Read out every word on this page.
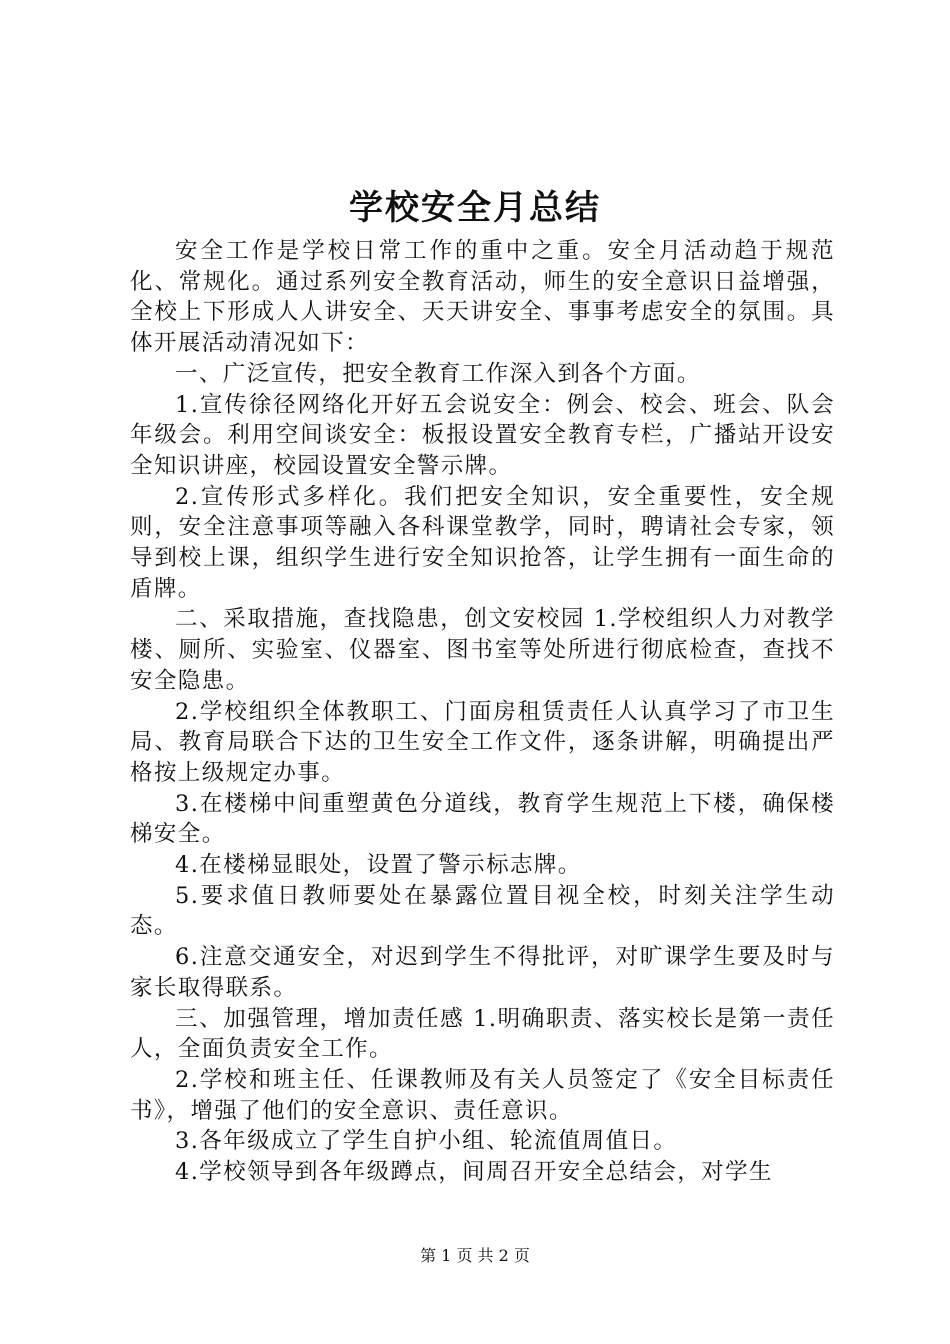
学校安全月总结

安全工作是学校日常工作的重中之重。安全月活动趋于规范化、常规化。通过系列安全教育活动，师生的安全意识日益增强，全校上下形成人人讲安全、天天讲安全、事事考虑安全的氛围。具体开展活动清况如下：

一、广泛宣传，把安全教育工作深入到各个方面。

1.宣传徐径网络化开好五会说安全：例会、校会、班会、队会年级会。利用空间谈安全：板报设置安全教育专栏，广播站开设安全知识讲座，校园设置安全警示牌。

2.宣传形式多样化。我们把安全知识，安全重要性，安全规则，安全注意事项等融入各科课堂教学，同时，聘请社会专家，领导到校上课，组织学生进行安全知识抢答，让学生拥有一面生命的盾牌。

二、采取措施，查找隐患，创文安校园 1.学校组织人力对教学楼、厕所、实验室、仪器室、图书室等处所进行彻底检查，查找不安全隐患。

2.学校组织全体教职工、门面房租赁责任人认真学习了市卫生局、教育局联合下达的卫生安全工作文件，逐条讲解，明确提出严格按上级规定办事。

3.在楼梯中间重塑黄色分道线，教育学生规范上下楼，确保楼梯安全。

4.在楼梯显眼处，设置了警示标志牌。

5.要求值日教师要处在暴露位置目视全校，时刻关注学生动态。

6.注意交通安全，对迟到学生不得批评，对旷课学生要及时与家长取得联系。

三、加强管理，增加责任感 1.明确职责、落实校长是第一责任人，全面负责安全工作。

2.学校和班主任、任课教师及有关人员签定了《安全目标责任书》，增强了他们的安全意识、责任意识。

3.各年级成立了学生自护小组、轮流值周值日。

4.学校领导到各年级蹲点，间周召开安全总结会，对学生

第 1 页 共 2 页
